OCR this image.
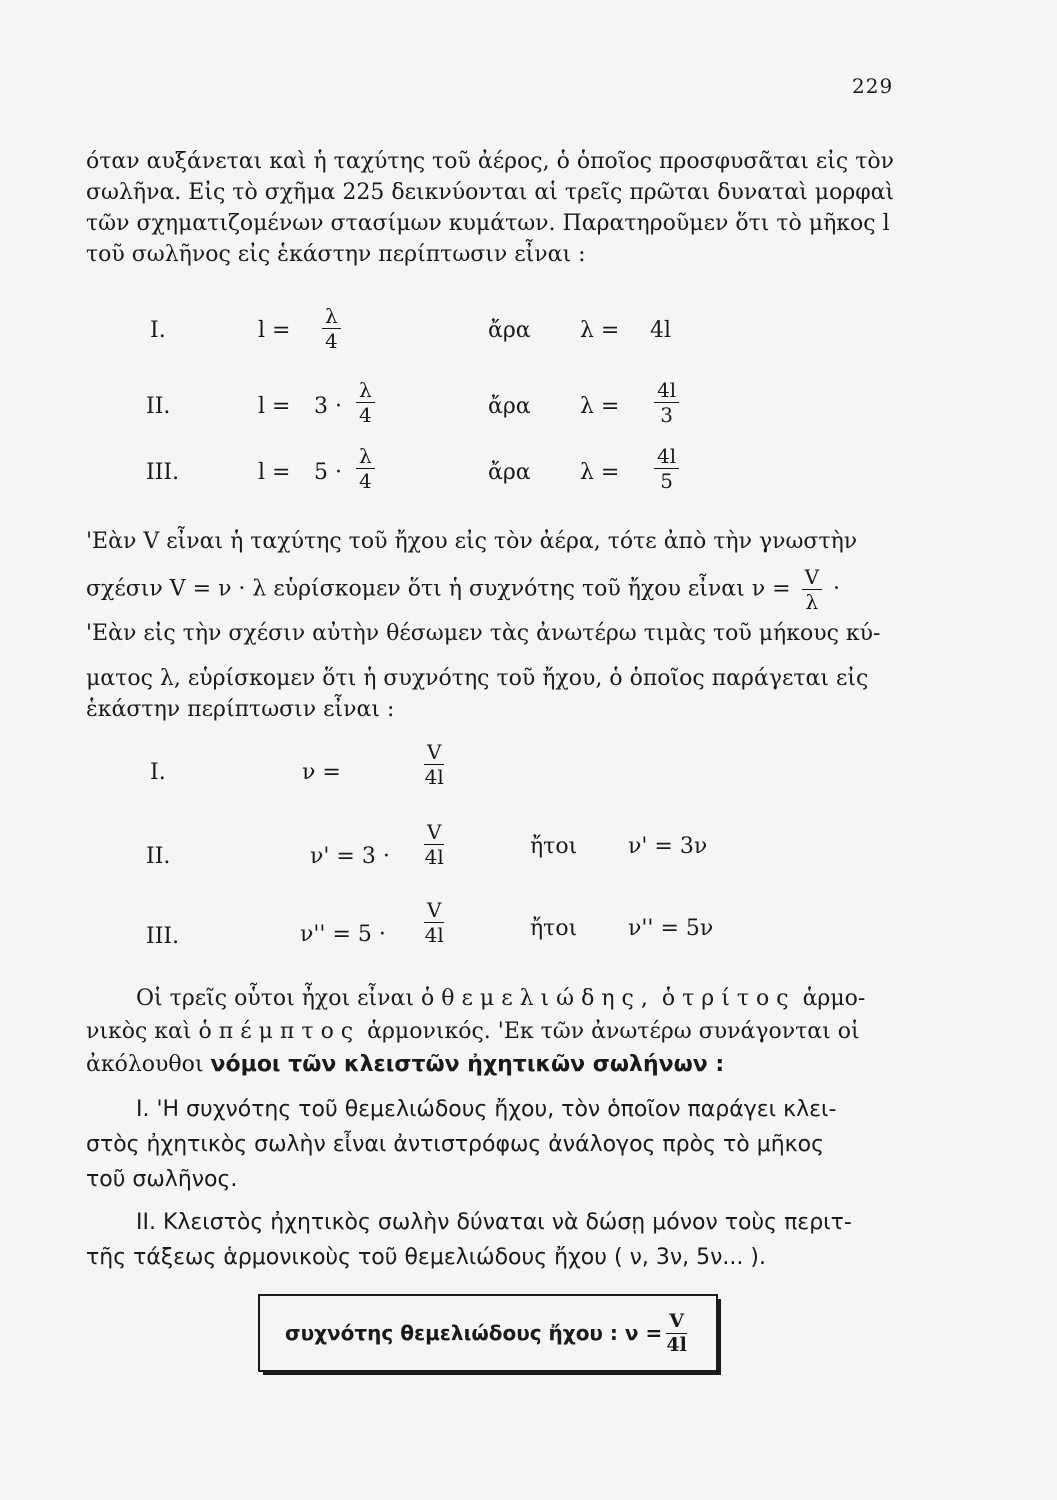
229
όταν αυξάνεται καὶ ἡ ταχύτης τοῦ ἀέρος, ὁ ὁποῖος προσφυσᾶται εἰς τὸν
σωλῆνα. Εἰς τὸ σχῆμα 225 δεικνύονται αἱ τρεῖς πρῶται δυναταὶ μορφαὶ
τῶν σχηματιζομένων στασίμων κυμάτων. Παρατηροῦμεν ὅτι τὸ μῆκος l
τοῦ σωλῆνος εἰς ἑκάστην περίπτωσιν εἶναι :
I.	$l = \frac{\lambda}{4}$	ἄρα λ = 4l
II.	$l = 3 \cdot \frac{\lambda}{4}$	ἄρα $\lambda = \frac{4l}{3}$
III.	$l = 5 \cdot \frac{\lambda}{4}$	ἄρα $\lambda = \frac{4l}{5}$
'Εὰν V εἶναι ἡ ταχύτης τοῦ ἤχου εἰς τὸν ἀέρα, τότε ἀπὸ τὴν γνωστὴν
σχέσιν V = ν · λ εὑρίσκομεν ὅτι ἡ συχνότης τοῦ ἤχου εἶναι $\nu = \frac{V}{\lambda}$ ·
'Εὰν εἰς τὴν σχέσιν αὐτὴν θέσωμεν τὰς ἀνωτέρω τιμὰς τοῦ μήκους κύ-
ματος λ, εὑρίσκομεν ὅτι ἡ συχνότης τοῦ ἤχου, ὁ ὁποῖος παράγεται εἰς
ἑκάστην περίπτωσιν εἶναι :
I.	ν =	$\frac{V}{4l}$
II.	$\nu' = 3 \cdot \frac{V}{4l}$	ἤτοι ν' = 3ν
III.	$\nu'' = 5 \cdot \frac{V}{4l}$	ἤτοι ν'' = 5ν
Οἱ τρεῖς οὗτοι ἦχοι εἶναι ὁ θεμελιώδης, ὁ τρίτος ἁρμο-
νικὸς καὶ ὁ πέμπτος ἁρμονικός. 'Εκ τῶν ἀνωτέρω συνάγονται οἱ
ἀκόλουθοι νόμοι τῶν κλειστῶν ἠχητικῶν σωλήνων :
I. 'Η συχνότης τοῦ θεμελιώδους ἤχου, τὸν ὁποῖον παράγει κλει-
στὸς ἠχητικὸς σωλὴν εἶναι ἀντιστρόφως ἀνάλογος πρὸς τὸ μῆκος
τοῦ σωλῆνος.
II. Κλειστὸς ἠχητικὸς σωλὴν δύναται νὰ δώσῃ μόνον τοὺς περιτ-
τῆς τάξεως ἁρμονικοὺς τοῦ θεμελιώδους ἤχου ( ν, 3ν, 5ν... ).
συχνότης θεμελιώδους ἤχου : $\nu = \frac{V}{4l}$
